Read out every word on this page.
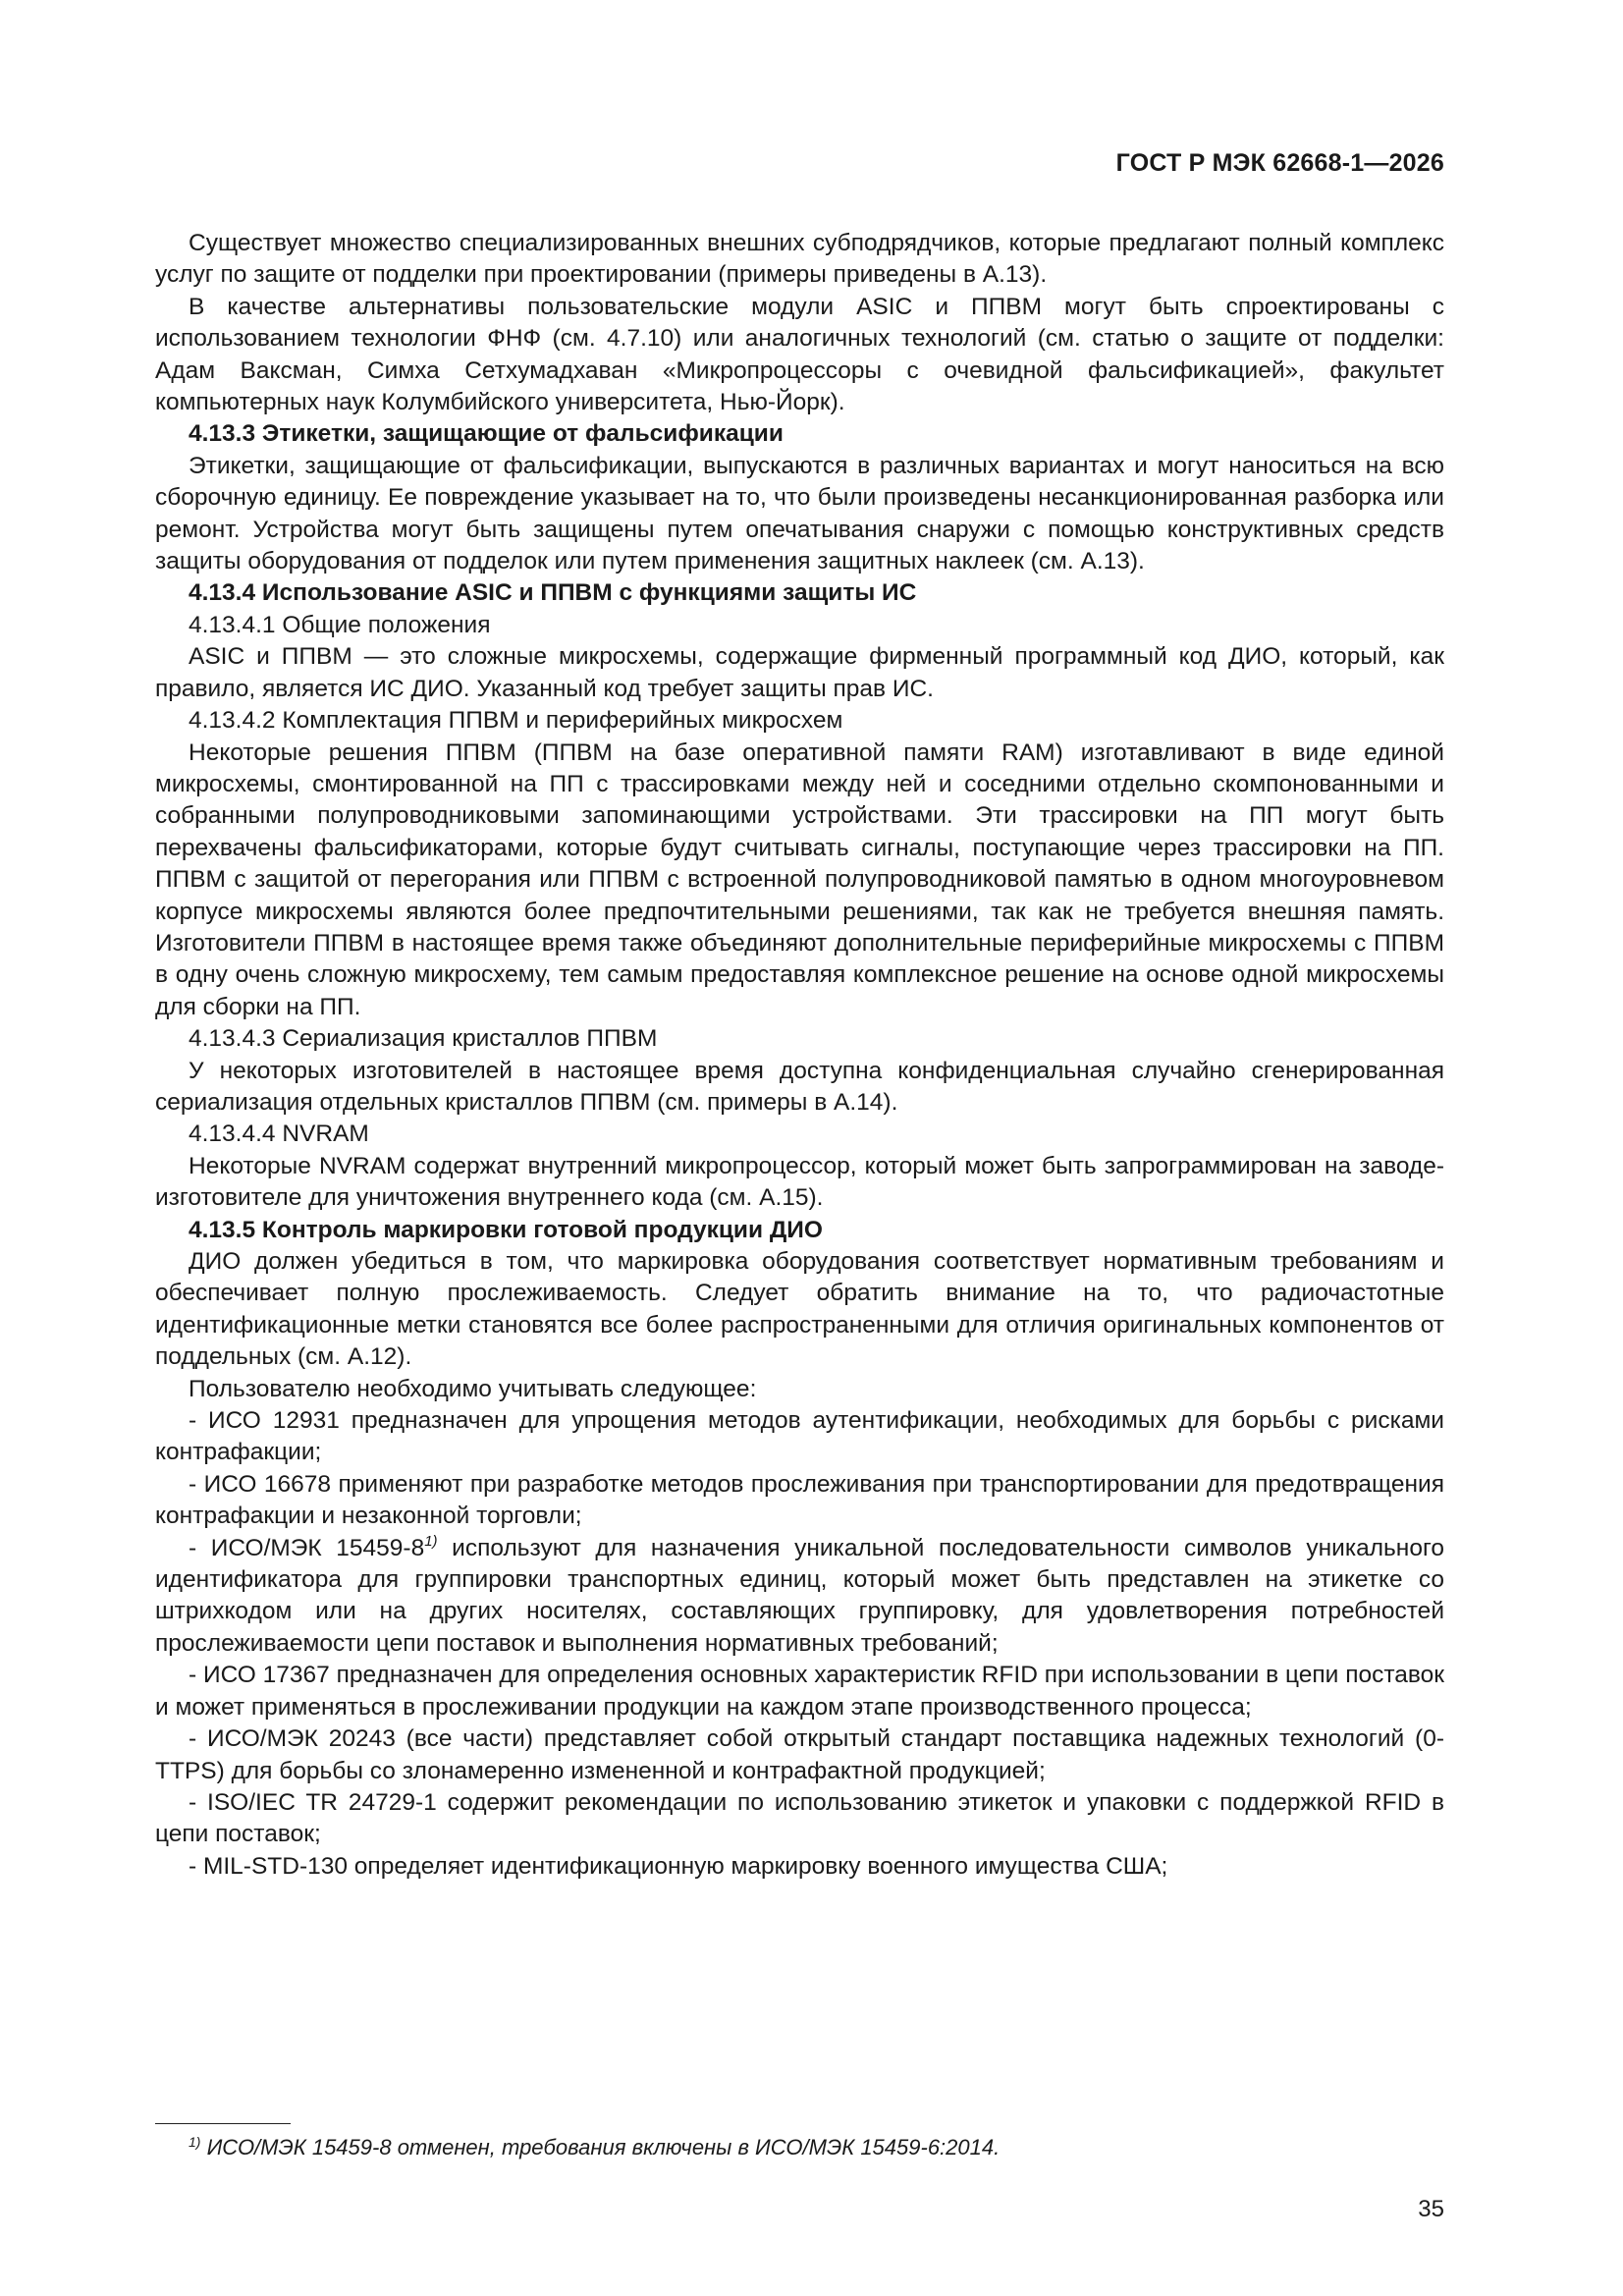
ГОСТ Р МЭК 62668-1—2026

Существует множество специализированных внешних субподрядчиков, которые предлагают полный комплекс услуг по защите от подделки при проектировании (примеры приведены в А.13).

В качестве альтернативы пользовательские модули ASIC и ППВМ могут быть спроектированы с использованием технологии ФНФ (см. 4.7.10) или аналогичных технологий (см. статью о защите от подделки: Адам Ваксман, Симха Сетхумадхаван «Микропроцессоры с очевидной фальсификацией», факультет компьютерных наук Колумбийского университета, Нью-Йорк).

4.13.3 Этикетки, защищающие от фальсификации

Этикетки, защищающие от фальсификации, выпускаются в различных вариантах и могут наноситься на всю сборочную единицу. Ее повреждение указывает на то, что были произведены несанкционированная разборка или ремонт. Устройства могут быть защищены путем опечатывания снаружи с помощью конструктивных средств защиты оборудования от подделок или путем применения защитных наклеек (см. А.13).

4.13.4 Использование ASIC и ППВМ с функциями защиты ИС

4.13.4.1 Общие положения

ASIC и ППВМ — это сложные микросхемы, содержащие фирменный программный код ДИО, который, как правило, является ИС ДИО. Указанный код требует защиты прав ИС.

4.13.4.2 Комплектация ППВМ и периферийных микросхем

Некоторые решения ППВМ (ППВМ на базе оперативной памяти RAM) изготавливают в виде единой микросхемы, смонтированной на ПП с трассировками между ней и соседними отдельно скомпонованными и собранными полупроводниковыми запоминающими устройствами. Эти трассировки на ПП могут быть перехвачены фальсификаторами, которые будут считывать сигналы, поступающие через трассировки на ПП. ППВМ с защитой от перегорания или ППВМ с встроенной полупроводниковой памятью в одном многоуровневом корпусе микросхемы являются более предпочтительными решениями, так как не требуется внешняя память. Изготовители ППВМ в настоящее время также объединяют дополнительные периферийные микросхемы с ППВМ в одну очень сложную микросхему, тем самым предоставляя комплексное решение на основе одной микросхемы для сборки на ПП.

4.13.4.3 Сериализация кристаллов ППВМ

У некоторых изготовителей в настоящее время доступна конфиденциальная случайно сгенерированная сериализация отдельных кристаллов ППВМ (см. примеры в А.14).

4.13.4.4 NVRAM

Некоторые NVRAM содержат внутренний микропроцессор, который может быть запрограммирован на заводе-изготовителе для уничтожения внутреннего кода (см. А.15).

4.13.5 Контроль маркировки готовой продукции ДИО

ДИО должен убедиться в том, что маркировка оборудования соответствует нормативным требованиям и обеспечивает полную прослеживаемость. Следует обратить внимание на то, что радиочастотные идентификационные метки становятся все более распространенными для отличия оригинальных компонентов от поддельных (см. А.12).

Пользователю необходимо учитывать следующее:

- ИСО 12931 предназначен для упрощения методов аутентификации, необходимых для борьбы с рисками контрафакции;

- ИСО 16678 применяют при разработке методов прослеживания при транспортировании для предотвращения контрафакции и незаконной торговли;

- ИСО/МЭК 15459-8$^{1)}$ используют для назначения уникальной последовательности символов уникального идентификатора для группировки транспортных единиц, который может быть представлен на этикетке со штрихкодом или на других носителях, составляющих группировку, для удовлетворения потребностей прослеживаемости цепи поставок и выполнения нормативных требований;

- ИСО 17367 предназначен для определения основных характеристик RFID при использовании в цепи поставок и может применяться в прослеживании продукции на каждом этапе производственного процесса;

- ИСО/МЭК 20243 (все части) представляет собой открытый стандарт поставщика надежных технологий (0-TTPS) для борьбы со злонамеренно измененной и контрафактной продукцией;

- ISO/IEC TR 24729-1 содержит рекомендации по использованию этикеток и упаковки с поддержкой RFID в цепи поставок;

- MIL-STD-130 определяет идентификационную маркировку военного имущества США;

$^{1)}$ ИСО/МЭК 15459-8 отменен, требования включены в ИСО/МЭК 15459-6:2014.
35
